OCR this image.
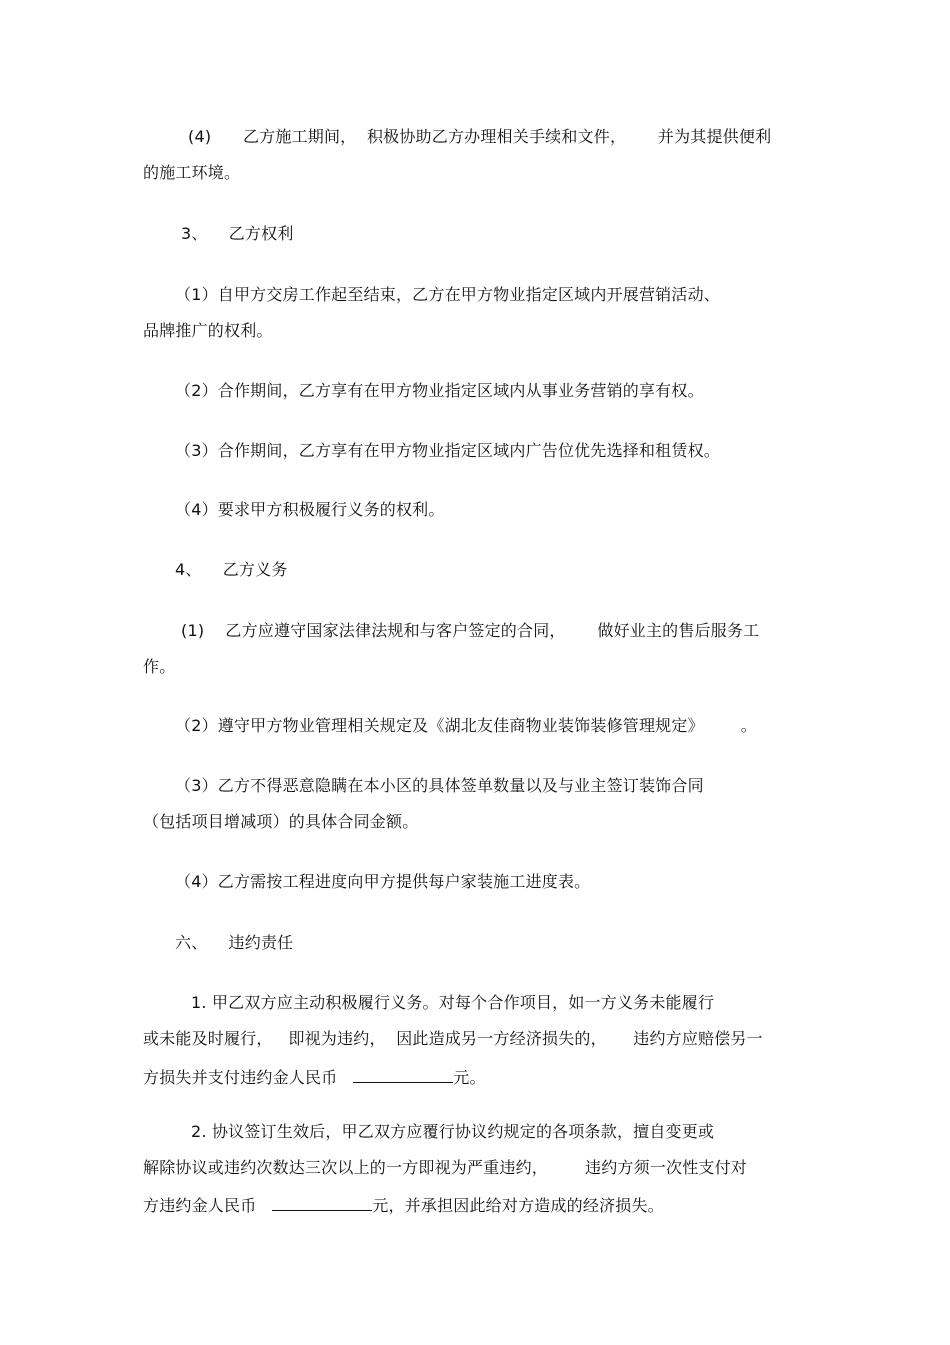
(4)      乙方施工期间，  积极协助乙方办理相关手续和文件，      并为其提供便利

的施工环境。

3、    乙方权利

（1）自甲方交房工作起至结束，乙方在甲方物业指定区域内开展营销活动、

品牌推广的权利。

（2）合作期间，乙方享有在甲方物业指定区域内从事业务营销的享有权。

（3）合作期间，乙方享有在甲方物业指定区域内广告位优先选择和租赁权。

（4）要求甲方积极履行义务的权利。

4、    乙方义务

(1)    乙方应遵守国家法律法规和与客户签定的合同，      做好业主的售后服务工

作。

（2）遵守甲方物业管理相关规定及《湖北友佳商物业装饰装修管理规定》       。

（3）乙方不得恶意隐瞒在本小区的具体签单数量以及与业主签订装饰合同

（包括项目增减项）的具体合同金额。

（4）乙方需按工程进度向甲方提供每户家装施工进度表。

六、    违约责任

1. 甲乙双方应主动积极履行义务。对每个合作项目，如一方义务未能履行

或未能及时履行，   即视为违约，  因此造成另一方经济损失的，     违约方应赔偿另一

方损失并支付违约金人民币	元。

2. 协议签订生效后，甲乙双方应覆行协议约规定的各项条款，擅自变更或

解除协议或违约次数达三次以上的一方即视为严重违约，       违约方须一次性支付对

方违约金人民币	元，并承担因此给对方造成的经济损失。
